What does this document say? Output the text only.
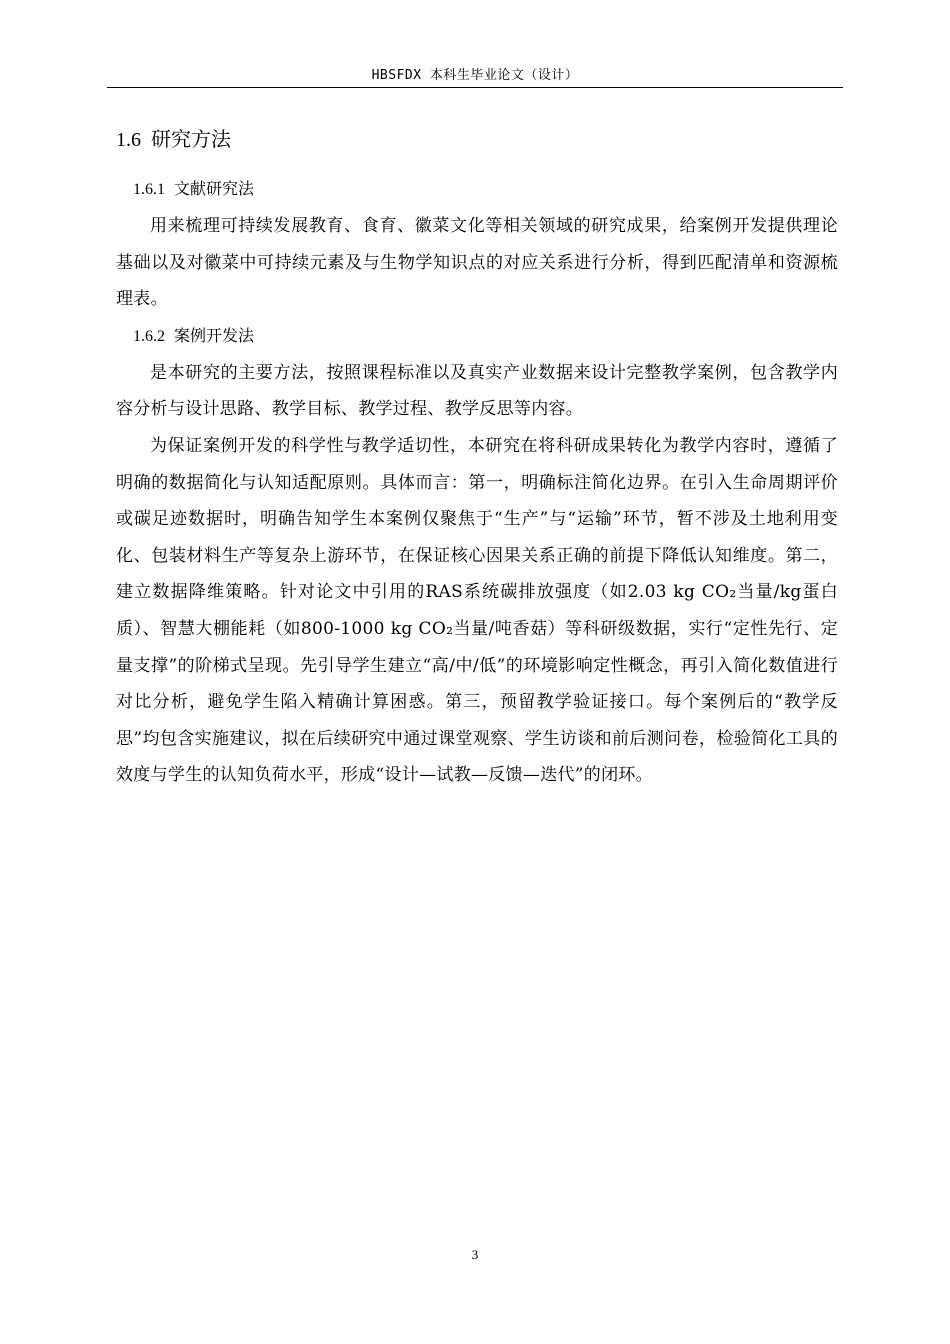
HBSFDX 本科生毕业论文（设计）
1.6 研究方法
1.6.1 文献研究法

用来梳理可持续发展教育、食育、徽菜文化等相关领域的研究成果，给案例开发提供理论基础以及对徽菜中可持续元素及与生物学知识点的对应关系进行分析，得到匹配清单和资源梳理表。

1.6.2 案例开发法

是本研究的主要方法，按照课程标准以及真实产业数据来设计完整教学案例，包含教学内容分析与设计思路、教学目标、教学过程、教学反思等内容。

为保证案例开发的科学性与教学适切性，本研究在将科研成果转化为教学内容时，遵循了明确的数据简化与认知适配原则。具体而言：第一，明确标注简化边界。在引入生命周期评价或碳足迹数据时，明确告知学生本案例仅聚焦于“生产”与“运输”环节，暂不涉及土地利用变化、包装材料生产等复杂上游环节，在保证核心因果关系正确的前提下降低认知维度。第二，建立数据降维策略。针对论文中引用的RAS系统碳排放强度（如2.03 kg CO₂当量/kg蛋白质）、智慧大棚能耗（如800-1000 kg CO₂当量/吨香菇）等科研级数据，实行“定性先行、定量支撑”的阶梯式呈现。先引导学生建立“高/中/低”的环境影响定性概念，再引入简化数值进行对比分析，避免学生陷入精确计算困惑。第三，预留教学验证接口。每个案例后的“教学反思”均包含实施建议，拟在后续研究中通过课堂观察、学生访谈和前后测问卷，检验简化工具的效度与学生的认知负荷水平，形成“设计—试教—反馈—迭代”的闭环。

3
